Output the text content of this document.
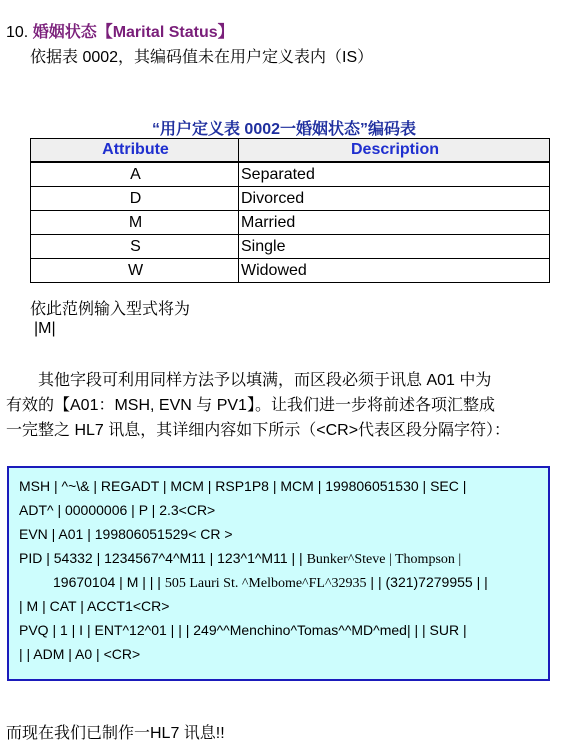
10. 婚姻状态【Marital Status】
依据表 0002，其编码值未在用户定义表内（IS）
“用户定义表 0002一婚姻状态”编码表
Attribute	Description
A	Separated
D	Divorced
M	Married
S	Single
W	Widowed
依此范例输入型式将为
|M|
其他字段可利用同样方法予以填满，而区段必须于讯息 A01 中为
有效的【A01：MSH, EVN 与 PV1】。让我们进一步将前述各项汇整成
一完整之 HL7 讯息，其详细内容如下所示（<CR>代表区段分隔字符）：
MSH | ^~\& | REGADT | MCM | RSP1P8 | MCM | 199806051530 | SEC |
ADT^ | 00000006 | P | 2.3<CR>
EVN | A01 | 199806051529< CR >
PID | 54332 | 1234567^4^M11 | 123^1^M11 | | Bunker^Steve | Thompson |
19670104 | M | | | 505 Lauri St. ^Melbome^FL^32935 | | (321)7279955 | |
| M | CAT | ACCT1<CR>
PVQ | 1 | I | ENT^12^01 | | | 249^^Menchino^Tomas^^MD^med| | | SUR |
| | ADM | A0 | <CR>
而现在我们已制作一HL7 讯息!!
